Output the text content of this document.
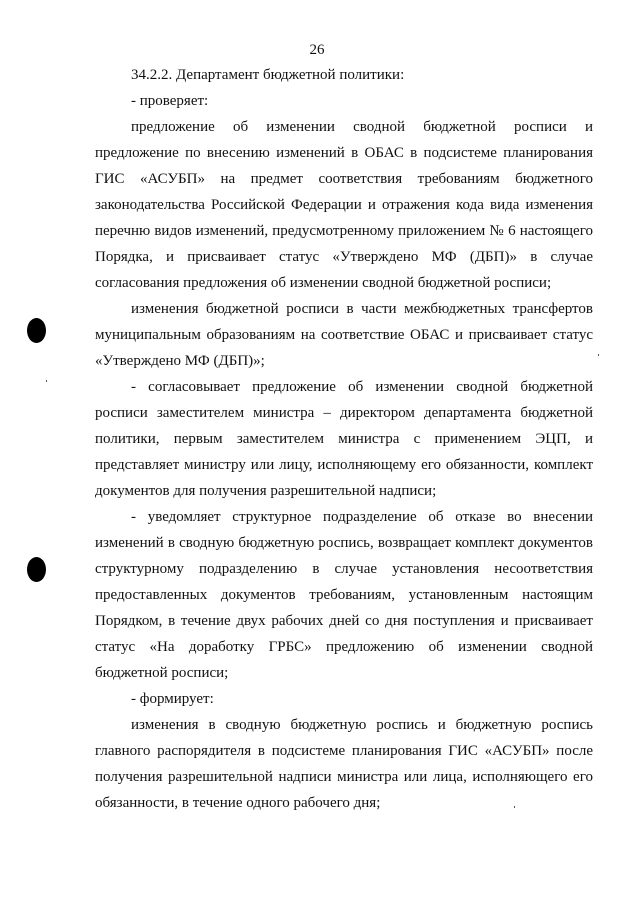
26

34.2.2. Департамент бюджетной политики:

- проверяет:

предложение об изменении сводной бюджетной росписи и предложение по внесению изменений в ОБАС в подсистеме планирования ГИС «АСУБП» на предмет соответствия требованиям бюджетного законодательства Российской Федерации и отражения кода вида изменения перечню видов изменений, предусмотренному приложением № 6 настоящего Порядка, и присваивает статус «Утверждено МФ (ДБП)» в случае согласования предложения об изменении сводной бюджетной росписи;

изменения бюджетной росписи в части межбюджетных трансфертов муниципальным образованиям на соответствие ОБАС и присваивает статус «Утверждено МФ (ДБП)»;

- согласовывает предложение об изменении сводной бюджетной росписи заместителем министра – директором департамента бюджетной политики, первым заместителем министра с применением ЭЦП, и представляет министру или лицу, исполняющему его обязанности, комплект документов для получения разрешительной надписи;

- уведомляет структурное подразделение об отказе во внесении изменений в сводную бюджетную роспись, возвращает комплект документов структурному подразделению в случае установления несоответствия предоставленных документов требованиям, установленным настоящим Порядком, в течение двух рабочих дней со дня поступления и присваивает статус «На доработку ГРБС» предложению об изменении сводной бюджетной росписи;

- формирует:

изменения в сводную бюджетную роспись и бюджетную роспись главного распорядителя в подсистеме планирования ГИС «АСУБП» после получения разрешительной надписи министра или лица, исполняющего его обязанности, в течение одного рабочего дня;
